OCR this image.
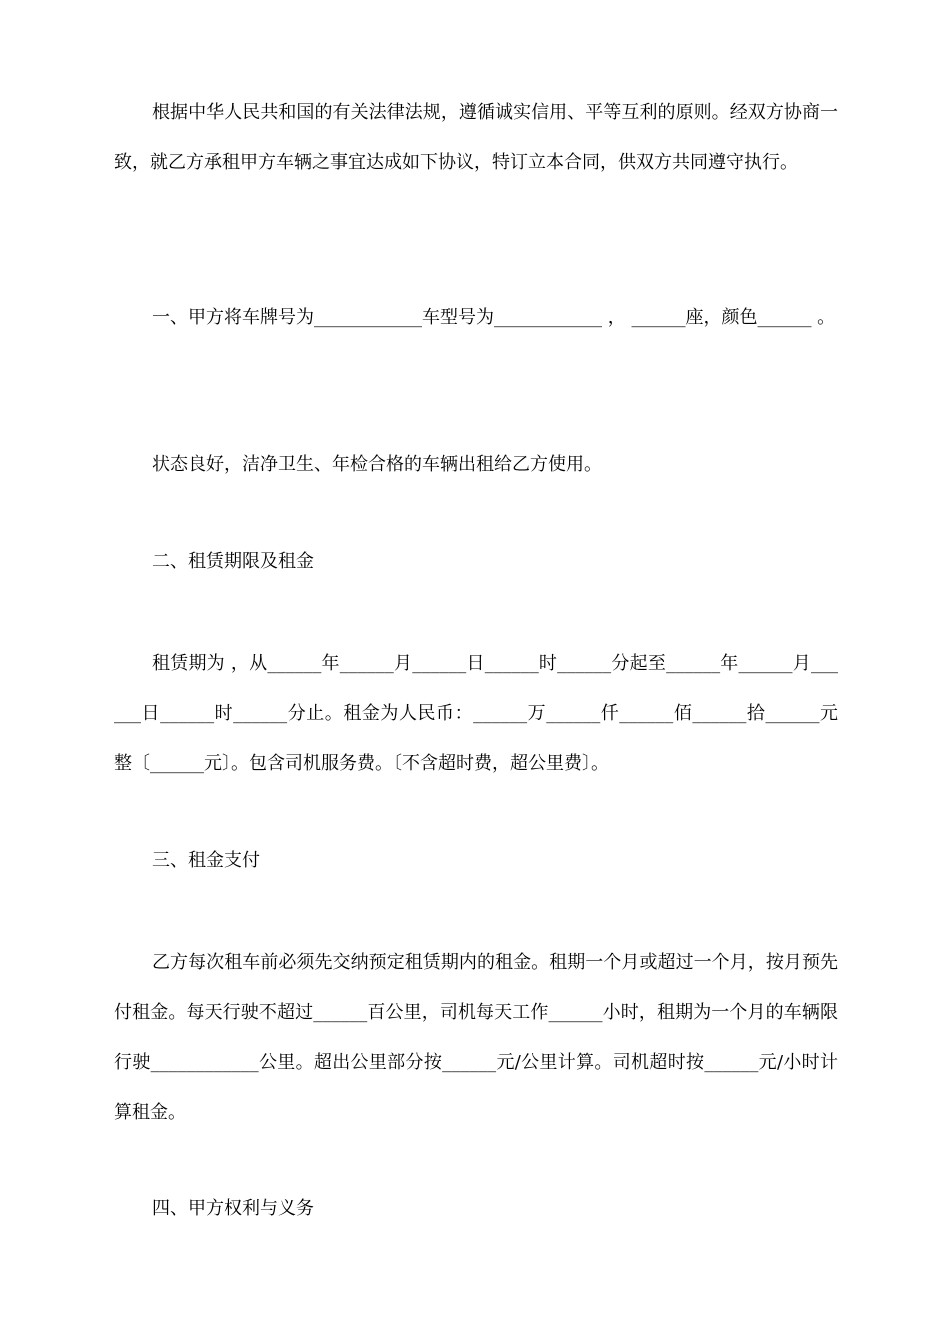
根据中华人民共和国的有关法律法规，遵循诚实信用、平等互利的原则。经双方协商一致，就乙方承租甲方车辆之事宜达成如下协议，特订立本合同，供双方共同遵守执行。

一、甲方将车牌号为____________车型号为____________ ， ______座，颜色______ 。

状态良好，洁净卫生、年检合格的车辆出租给乙方使用。

二、租赁期限及租金

租赁期为 ，从______年______月______日______时______分起至______年______月______日______时______分止。租金为人民币：______万______仟______佰______拾______元整〔______元〕。包含司机服务费。〔不含超时费，超公里费〕。

三、租金支付

乙方每次租车前必须先交纳预定租赁期内的租金。租期一个月或超过一个月，按月预先付租金。每天行驶不超过______百公里，司机每天工作______小时，租期为一个月的车辆限行驶____________公里。超出公里部分按______元/公里计算。司机超时按______元/小时计算租金。

四、甲方权利与义务
